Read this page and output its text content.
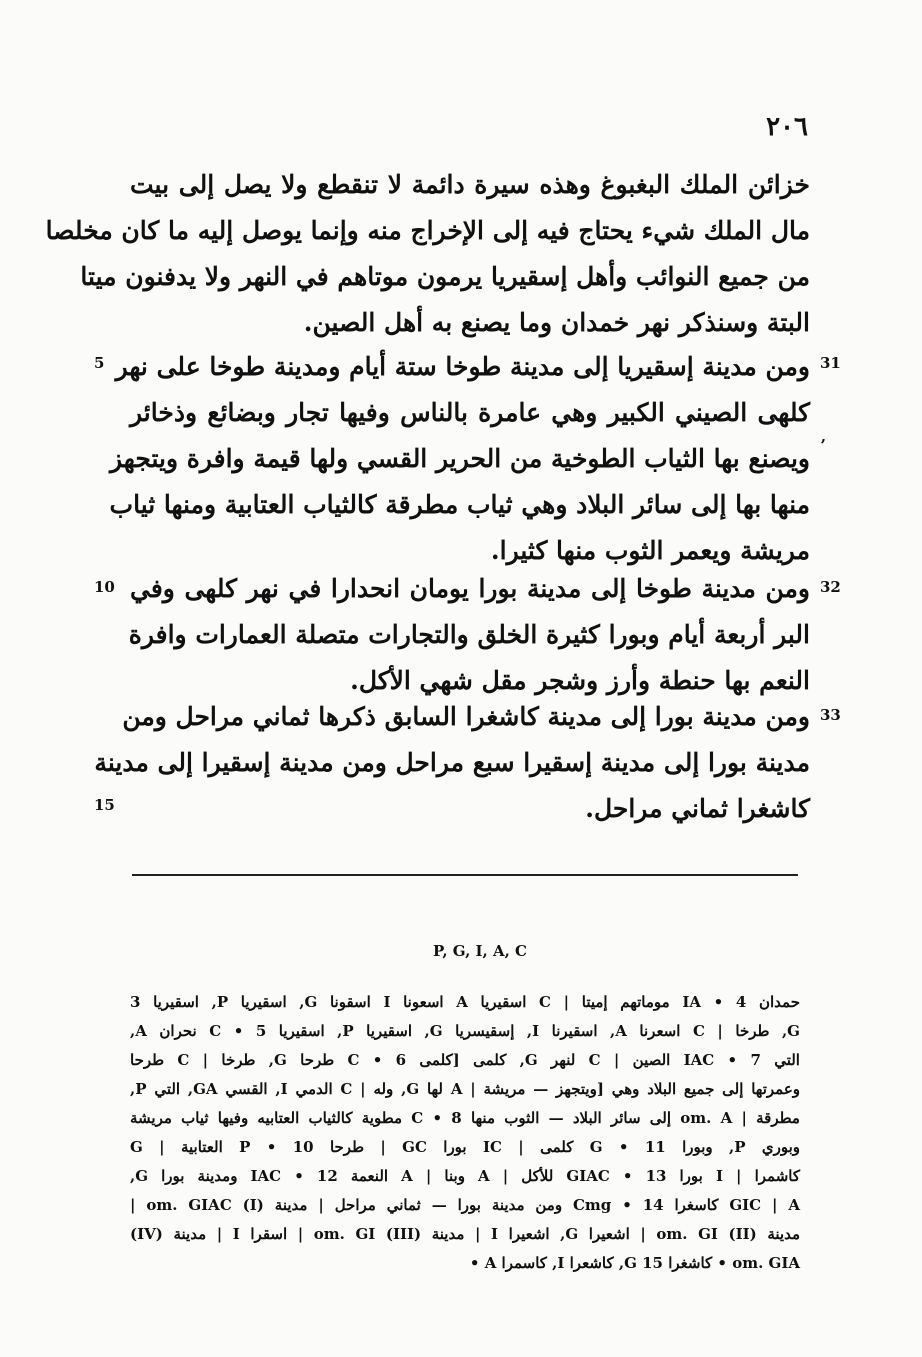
٢٠٦
خزائن الملك البغبوغ وهذه سيرة دائمة لا تنقطع ولا يصل إلى بيت
مال الملك شيء يحتاج فيه إلى الإخراج منه وإنما يوصل إليه ما كان مخلصا
من جميع النوائب وأهل إسقيريا يرمون موتاهم في النهر ولا يدفنون ميتا
البتة وسنذكر نهر خمدان وما يصنع به أهل الصين.
31
5
ʼ
ومن مدينة إسقيريا إلى مدينة طوخا ستة أيام ومدينة طوخا على نهر
كلهى الصيني الكبير وهي عامرة بالناس وفيها تجار وبضائع وذخائر
ويصنع بها الثياب الطوخية من الحرير القسي ولها قيمة وافرة ويتجهز
منها بها إلى سائر البلاد وهي ثياب مطرقة كالثياب العتابية ومنها ثياب
مريشة ويعمر الثوب منها كثيرا.
32
10 ومن مدينة طوخا إلى مدينة بورا يومان انحدارا في نهر كلهى وفي
البر أربعة أيام وبورا كثيرة الخلق والتجارات متصلة العمارات وافرة
النعم بها حنطة وأرز وشجر مقل شهي الأكل.
33
15
ومن مدينة بورا إلى مدينة كاشغرا السابق ذكرها ثماني مراحل ومن
مدينة بورا إلى مدينة إسقيرا سبع مراحل ومن مدينة إسقيرا إلى مدينة
كاشغرا ثماني مراحل.
P, G, I, A, C
حمدان 4 • IA موماتهم إميتا | C اسقيريا A اسعونا I اسقونا G, اسقيريا P, اسقيريا 3
G, طرخا | C اسعرنا A, اسقيرنا I, إسقيسريا G, اسقيريا P, اسقيريا 5 • C نحران A,
التي 7 • IAC الصين | C لنهر G, كلمى [كلمى 6 • C طرحا G, طرخا | C طرحا
وعمرتها إلى جميع البلاد وهي [ويتجهز — مريشة | A لها G, وله | C الدمي I, القسي GA, التي P,
مطرقة | om. A إلى سائر البلاد — الثوب منها 8 • C مطوية كالثياب العتابيه وفيها ثياب مريشة
وبوري P, وبورا 11 • G كلمى | IC بورا GC | طرحا 10 • P العتابية | G
كاشمرا | I بورا 13 • GIAC للأكل | A وبنا | A النعمة 12 • IAC ومدينة بورا G,
GIC | A كاسغرا 14 • Cmg ومن مدينة بورا — ثماني مراحل | مدينة (I) om. GIAC |
مدينة (II) om. GI | اشعيرا G, اشعيرا I | مدينة (III) om. GI | اسقرا I | مدينة (IV)
om. GIA • كاشغرا 15 G, كاشعرا I, كاسمرا A •
